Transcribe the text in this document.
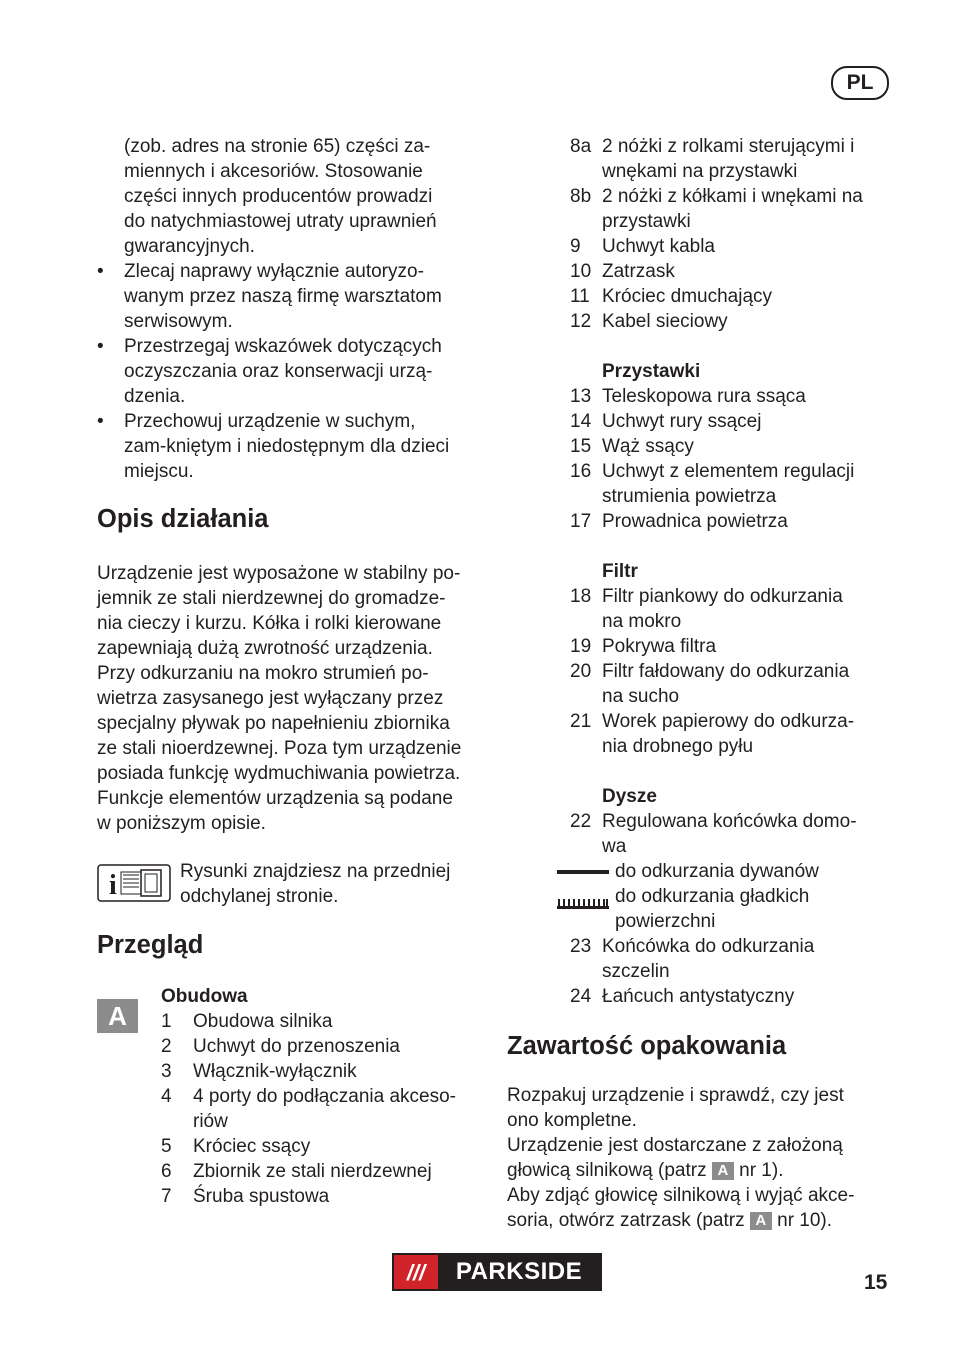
PL

(zob. adres na stronie 65) części za-

miennych i akcesoriów. Stosowanie

części innych producentów prowadzi

do natychmiastowej utraty uprawnień

gwarancyjnych.

• Zlecaj naprawy wyłącznie autoryzo-

wanym przez naszą firmę warsztatom

serwisowym.

• Przestrzegaj wskazówek dotyczących

oczyszczania oraz konserwacji urzą-

dzenia.

• Przechowuj urządzenie w suchym,

zam-kniętym i niedostępnym dla dzieci

miejscu.

Opis działania

Urządzenie jest wyposażone w stabilny po-

jemnik ze stali nierdzewnej do gromadze-

nia cieczy i kurzu. Kółka i rolki kierowane

zapewniają dużą zwrotność urządzenia.

Przy odkurzaniu na mokro strumień po-

wietrza zasysanego jest wyłączany przez

specjalny pływak po napełnieniu zbiornika

ze stali nioerdzewnej. Poza tym urządzenie

posiada funkcję wydmuchiwania powietrza.

Funkcje elementów urządzenia są podane

w poniższym opisie.

i	Rysunki znajdziesz na przedniej

odchylanej stronie.

Przegląd
A

Obudowa

1 Obudowa silnika

2 Uchwyt do przenoszenia

3 Włącznik-wyłącznik

4 4 porty do podłączania akceso-

riów

5 Króciec ssący

6 Zbiornik ze stali nierdzewnej

7 Śruba spustowa

8a 2 nóżki z rolkami sterującymi i

wnękami na przystawki

8b 2 nóżki z kółkami i wnękami na

przystawki

9 Uchwyt kabla

10 Zatrzask

11 Króciec dmuchający

12 Kabel sieciowy

Przystawki

13 Teleskopowa rura ssąca

14 Uchwyt rury ssącej

15 Wąż ssący

16 Uchwyt z elementem regulacji

strumienia powietrza

17 Prowadnica powietrza

Filtr

18 Filtr piankowy do odkurzania

na mokro

19 Pokrywa filtra

20 Filtr fałdowany do odkurzania

na sucho

21 Worek papierowy do odkurza-

nia drobnego pyłu

Dysze

22 Regulowana końcówka domo-

wa

do odkurzania dywanów

do odkurzania gładkich

powierzchni

23 Końcówka do odkurzania

szczelin

24 Łańcuch antystatyczny

Zawartość opakowania

Rozpakuj urządzenie i sprawdź, czy jest

ono kompletne.

Urządzenie jest dostarczane z założoną

głowicą silnikową (patrz A nr 1).

Aby zdjąć głowicę silnikową i wyjąć akce-

soria, otwórz zatrzask (patrz A nr 10).

///	PARKSIDE	15
